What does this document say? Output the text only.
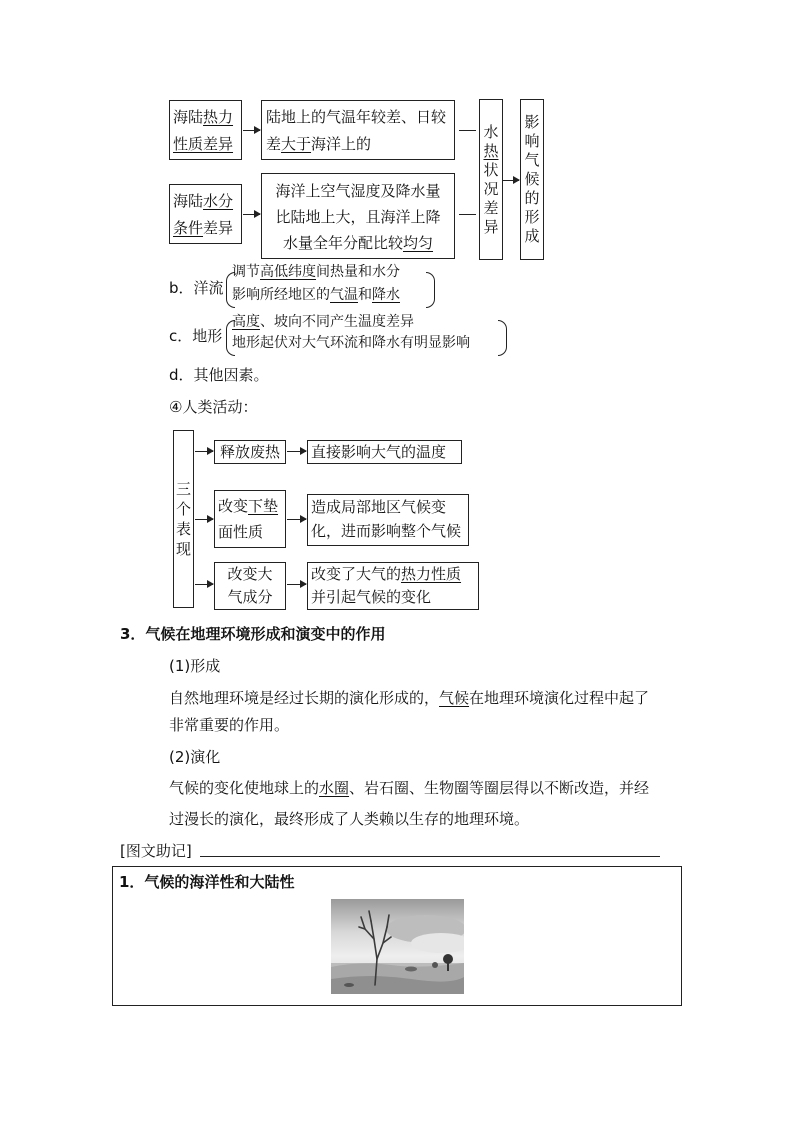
海陆热力
性质差异
陆地上的气温年较差、日较
差大于海洋上的
海陆水分
条件差异
海洋上空气湿度及降水量
比陆地上大，且海洋上降
水量全年分配比较均匀
水
热
状
况
差
异
影
响
气
候
的
形
成
b．洋流
调节高低纬度间热量和水分
影响所经地区的气温和降水
c．地形
高度、坡向不同产生温度差异
地形起伏对大气环流和降水有明显影响
d．其他因素。
④人类活动：
三
个
表
现
释放废热	直接影响大气的温度
改变下垫
面性质
造成局部地区气候变
化，进而影响整个气候
改变大
气成分
改变了大气的热力性质
并引起气候的变化
3．气候在地理环境形成和演变中的作用
(1)形成
自然地理环境是经过长期的演化形成的，气候在地理环境演化过程中起了
非常重要的作用。
(2)演化
气候的变化使地球上的水圈、岩石圈、生物圈等圈层得以不断改造，并经
过漫长的演化，最终形成了人类赖以生存的地理环境。
[图文助记]
1．气候的海洋性和大陆性
